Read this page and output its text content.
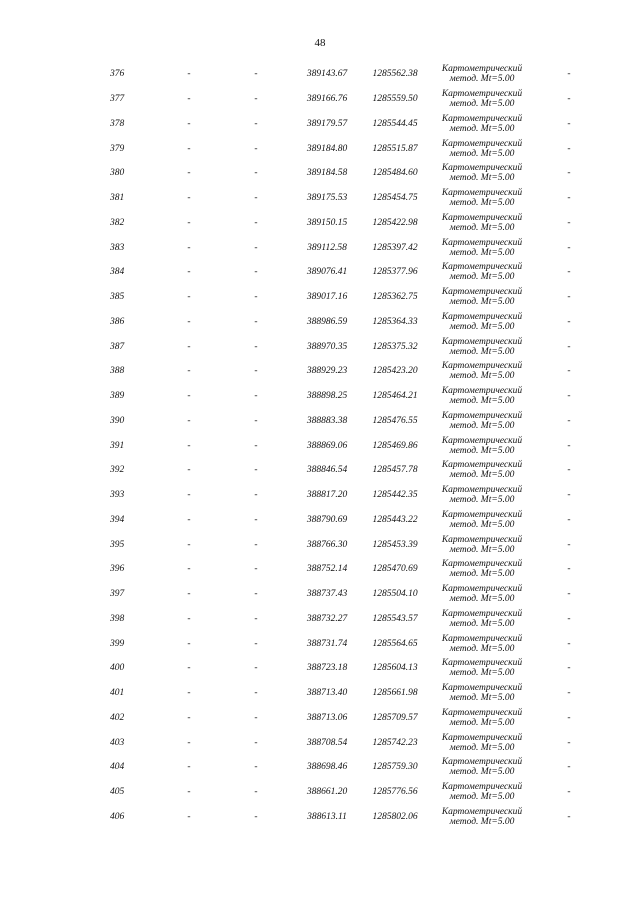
48
376	-	-	389143.67	1285562.38	Картометрический
метод. Mt=5.00	-
377	-	-	389166.76	1285559.50	Картометрический
метод. Mt=5.00	-
378	-	-	389179.57	1285544.45	Картометрический
метод. Mt=5.00	-
379	-	-	389184.80	1285515.87	Картометрический
метод. Mt=5.00	-
380	-	-	389184.58	1285484.60	Картометрический
метод. Mt=5.00	-
381	-	-	389175.53	1285454.75	Картометрический
метод. Mt=5.00	-
382	-	-	389150.15	1285422.98	Картометрический
метод. Mt=5.00	-
383	-	-	389112.58	1285397.42	Картометрический
метод. Mt=5.00	-
384	-	-	389076.41	1285377.96	Картометрический
метод. Mt=5.00	-
385	-	-	389017.16	1285362.75	Картометрический
метод. Mt=5.00	-
386	-	-	388986.59	1285364.33	Картометрический
метод. Mt=5.00	-
387	-	-	388970.35	1285375.32	Картометрический
метод. Mt=5.00	-
388	-	-	388929.23	1285423.20	Картометрический
метод. Mt=5.00	-
389	-	-	388898.25	1285464.21	Картометрический
метод. Mt=5.00	-
390	-	-	388883.38	1285476.55	Картометрический
метод. Mt=5.00	-
391	-	-	388869.06	1285469.86	Картометрический
метод. Mt=5.00	-
392	-	-	388846.54	1285457.78	Картометрический
метод. Mt=5.00	-
393	-	-	388817.20	1285442.35	Картометрический
метод. Mt=5.00	-
394	-	-	388790.69	1285443.22	Картометрический
метод. Mt=5.00	-
395	-	-	388766.30	1285453.39	Картометрический
метод. Mt=5.00	-
396	-	-	388752.14	1285470.69	Картометрический
метод. Mt=5.00	-
397	-	-	388737.43	1285504.10	Картометрический
метод. Mt=5.00	-
398	-	-	388732.27	1285543.57	Картометрический
метод. Mt=5.00	-
399	-	-	388731.74	1285564.65	Картометрический
метод. Mt=5.00	-
400	-	-	388723.18	1285604.13	Картометрический
метод. Mt=5.00	-
401	-	-	388713.40	1285661.98	Картометрический
метод. Mt=5.00	-
402	-	-	388713.06	1285709.57	Картометрический
метод. Mt=5.00	-
403	-	-	388708.54	1285742.23	Картометрический
метод. Mt=5.00	-
404	-	-	388698.46	1285759.30	Картометрический
метод. Mt=5.00	-
405	-	-	388661.20	1285776.56	Картометрический
метод. Mt=5.00	-
406	-	-	388613.11	1285802.06	Картометрический
метод. Mt=5.00	-
